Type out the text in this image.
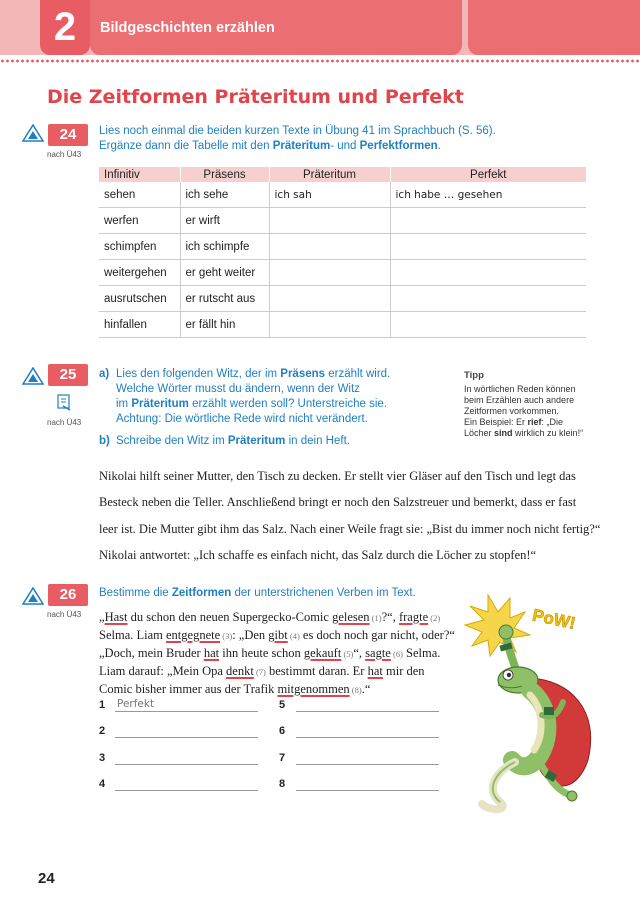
2	Bildgeschichten erzählen
Die Zeitformen Präteritum und Perfekt
24
nach Ü43

Lies noch einmal die beiden kurzen Texte in Übung 41 im Sprachbuch (S. 56).

Ergänze dann die Tabelle mit den Präteritum- und Perfektformen.

Infinitiv	Präsens	Präteritum	Perfekt
sehen	ich sehe	ich sah	ich habe … gesehen
werfen	er wirft		
schimpfen	ich schimpfe		
weitergehen	er geht weiter		
ausrutschen	er rutscht aus		
hinfallen	er fällt hin		
25
nach Ü43
a) Lies den folgenden Witz, der im Präsens erzählt wird.

Welche Wörter musst du ändern, wenn der Witz

im Präteritum erzählt werden soll? Unterstreiche sie.

Achtung: Die wörtliche Rede wird nicht verändert.

b) Schreibe den Witz im Präteritum in dein Heft.

Tipp
In wörtlichen Reden können
beim Erzählen auch andere
Zeitformen vorkommen.
Ein Beispiel: Er rief: „Die
Löcher sind wirklich zu klein!“
Nikolai hilft seiner Mutter, den Tisch zu decken. Er stellt vier Gläser auf den Tisch und legt das
Besteck neben die Teller. Anschließend bringt er noch den Salzstreuer und bemerkt, dass er fast
leer ist. Die Mutter gibt ihm das Salz. Nach einer Weile fragt sie: „Bist du immer noch nicht fertig?“
Nikolai antwortet: „Ich schaffe es einfach nicht, das Salz durch die Löcher zu stopfen!“
26
nach Ü43

Bestimme die Zeitformen der unterstrichenen Verben im Text.

„Hast du schon den neuen Supergecko-Comic gelesen (1)?“, fragte (2)
Selma. Liam entgegnete (3): „Den gibt (4) es doch noch gar nicht, oder?“
„Doch, mein Bruder hat ihn heute schon gekauft (5)“, sagte (6) Selma.
Liam darauf: „Mein Opa denkt (7) bestimmt daran. Er hat mir den
Comic bisher immer aus der Trafik mitgenommen (8).“
1 Perfekt
2
3
4
5
6
7
8
PoW!
24
